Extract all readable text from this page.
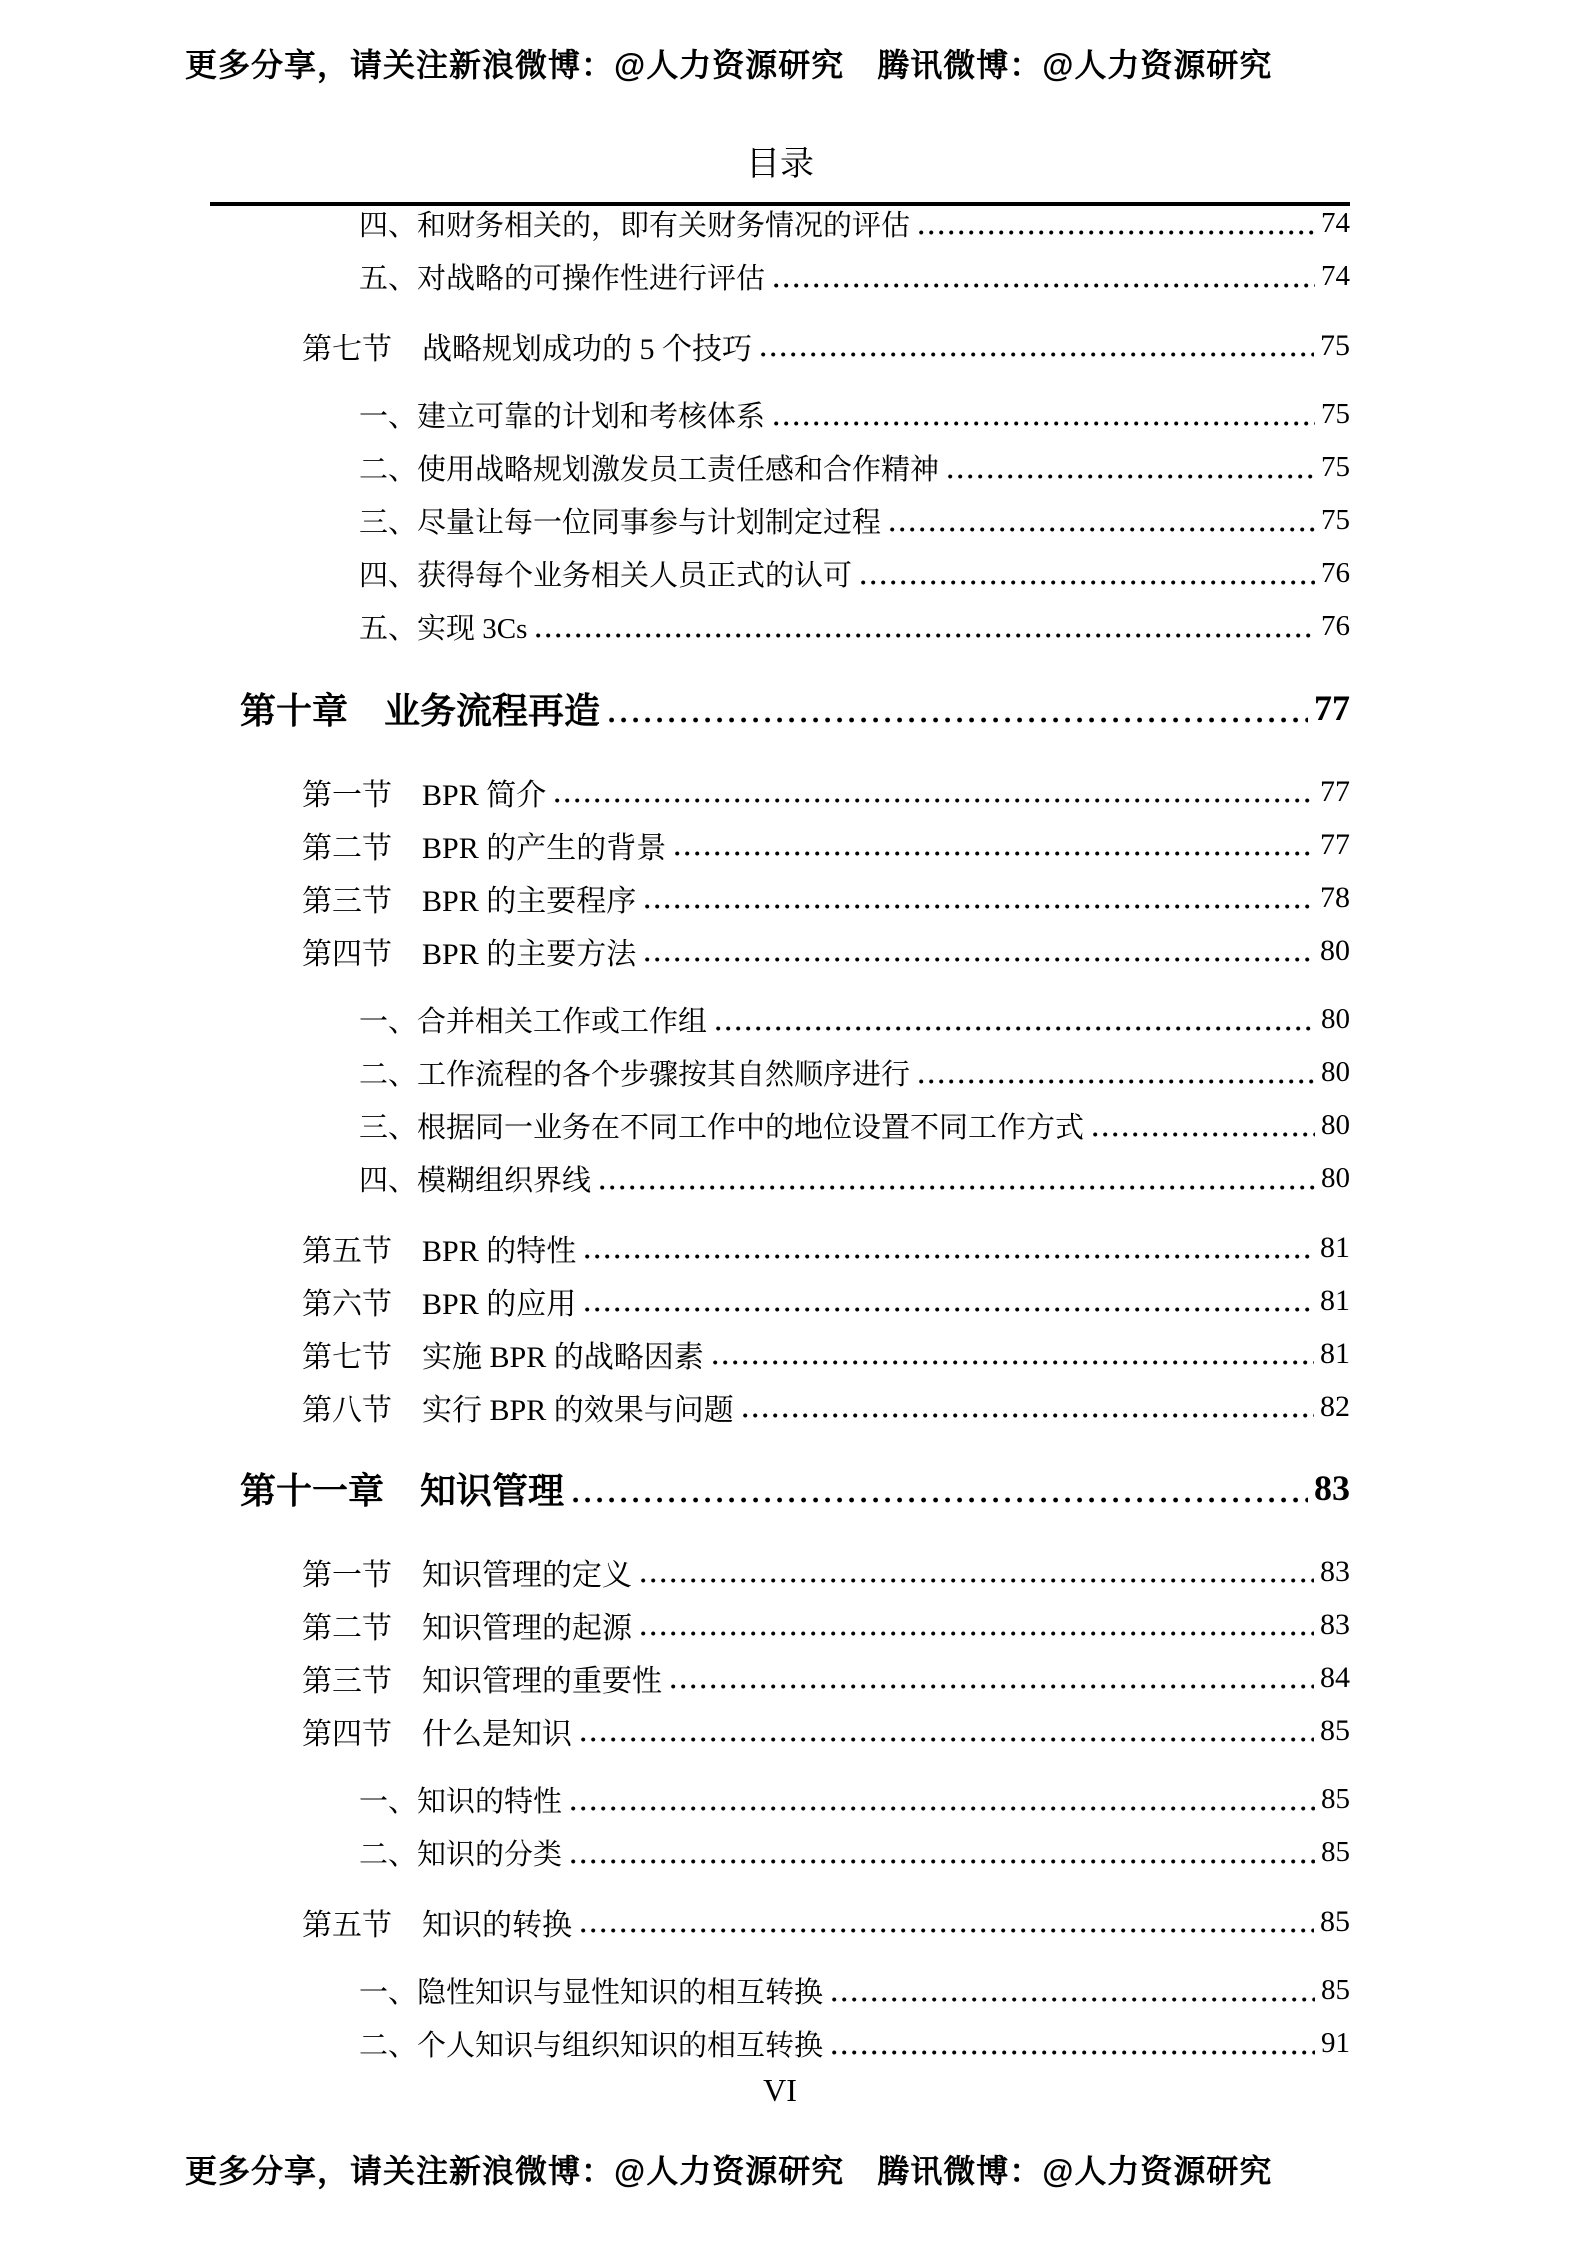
更多分享，请关注新浪微博：@人力资源研究　腾讯微博：@人力资源研究
目录
四、和财务相关的，即有关财务情况的评估	74
五、对战略的可操作性进行评估	74
第七节　战略规划成功的 5 个技巧	75
一、建立可靠的计划和考核体系	75
二、使用战略规划激发员工责任感和合作精神	75
三、尽量让每一位同事参与计划制定过程	75
四、获得每个业务相关人员正式的认可	76
五、实现 3Cs	76
第十章　业务流程再造	77
第一节　BPR 简介	77
第二节　BPR 的产生的背景	77
第三节　BPR 的主要程序	78
第四节　BPR 的主要方法	80
一、合并相关工作或工作组	80
二、工作流程的各个步骤按其自然顺序进行	80
三、根据同一业务在不同工作中的地位设置不同工作方式	80
四、模糊组织界线	80
第五节　BPR 的特性	81
第六节　BPR 的应用	81
第七节　实施 BPR 的战略因素	81
第八节　实行 BPR 的效果与问题	82
第十一章　知识管理	83
第一节　知识管理的定义	83
第二节　知识管理的起源	83
第三节　知识管理的重要性	84
第四节　什么是知识	85
一、知识的特性	85
二、知识的分类	85
第五节　知识的转换	85
一、隐性知识与显性知识的相互转换	85
二、个人知识与组织知识的相互转换	91
VI
更多分享，请关注新浪微博：@人力资源研究　腾讯微博：@人力资源研究
